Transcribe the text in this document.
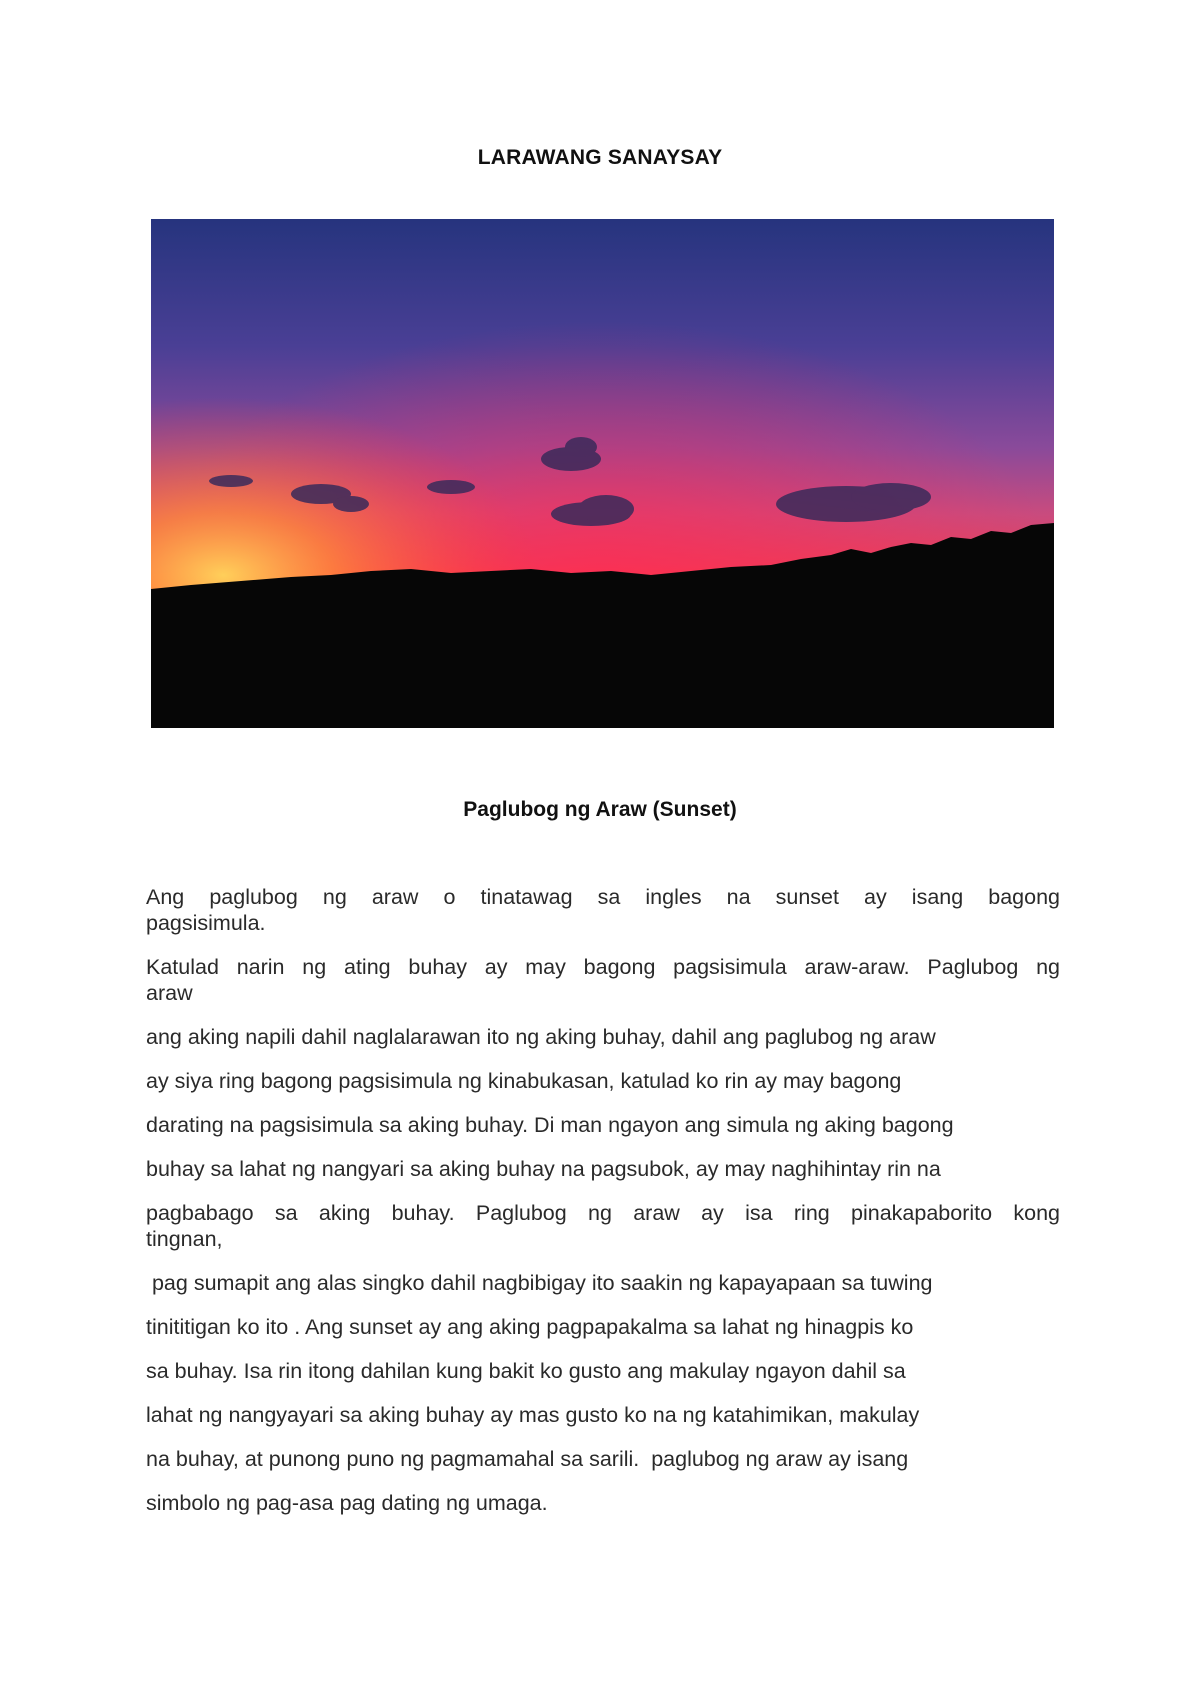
LARAWANG SANAYSAY
Paglubog ng Araw (Sunset)
Ang paglubog ng araw o tinatawag sa ingles na sunset ay isang bagong
pagsisimula.
Katulad narin ng ating buhay ay may bagong pagsisimula araw-araw. Paglubog ng
araw
ang aking napili dahil naglalarawan ito ng aking buhay, dahil ang paglubog ng araw
ay siya ring bagong pagsisimula ng kinabukasan, katulad ko rin ay may bagong
darating na pagsisimula sa aking buhay. Di man ngayon ang simula ng aking bagong
buhay sa lahat ng nangyari sa aking buhay na pagsubok, ay may naghihintay rin na
pagbabago sa aking buhay. Paglubog ng araw ay isa ring pinakapaborito kong
tingnan,
pag sumapit ang alas singko dahil nagbibigay ito saakin ng kapayapaan sa tuwing
tinititigan ko ito . Ang sunset ay ang aking pagpapakalma sa lahat ng hinagpis ko
sa buhay. Isa rin itong dahilan kung bakit ko gusto ang makulay ngayon dahil sa
lahat ng nangyayari sa aking buhay ay mas gusto ko na ng katahimikan, makulay
na buhay, at punong puno ng pagmamahal sa sarili.  paglubog ng araw ay isang
simbolo ng pag-asa pag dating ng umaga.
